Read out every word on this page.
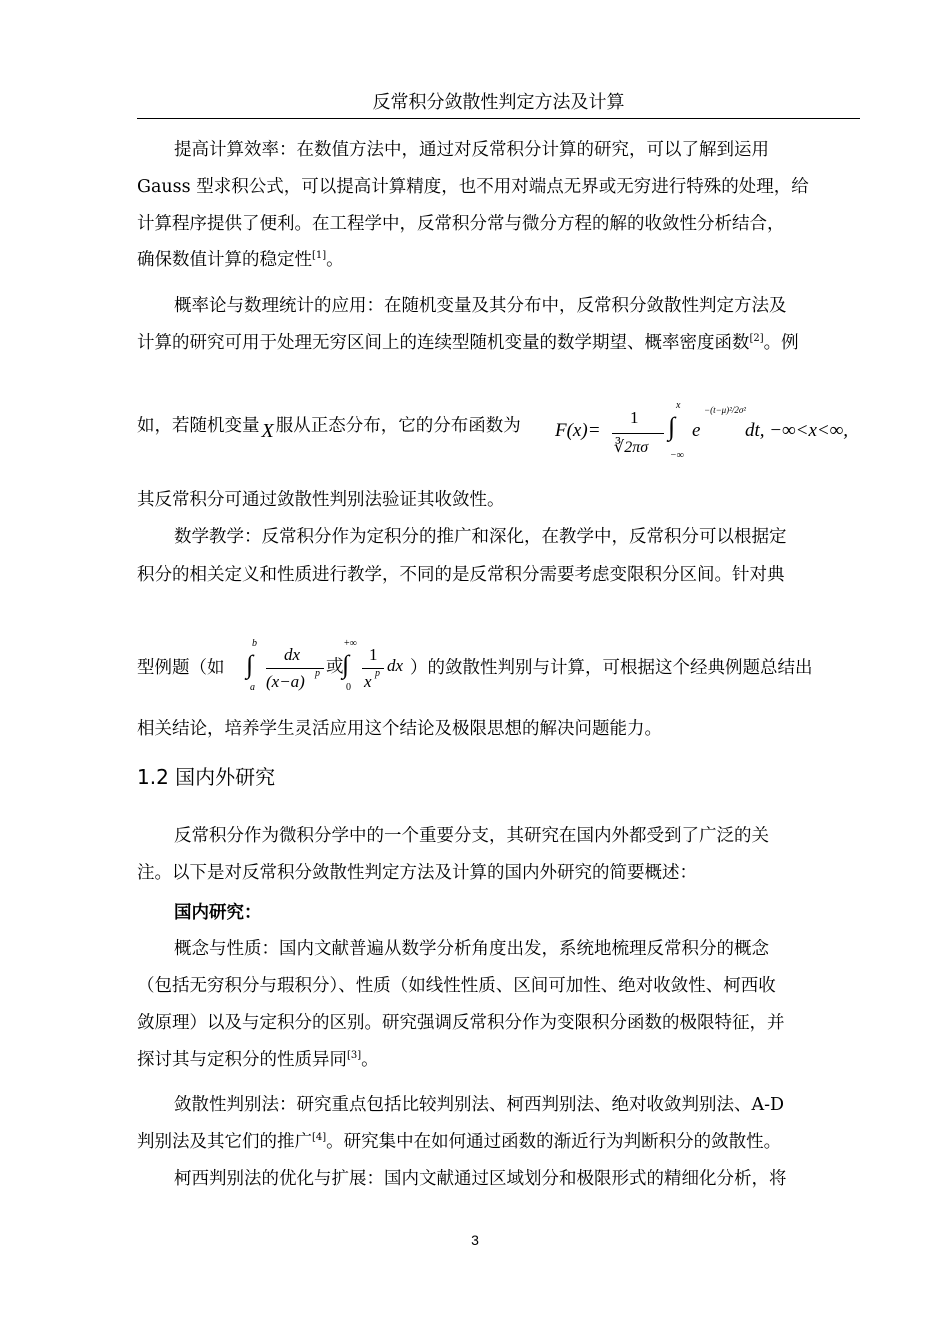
反常积分敛散性判定方法及计算
提高计算效率：在数值方法中，通过对反常积分计算的研究，可以了解到运用
Gauss 型求积公式，可以提高计算精度，也不用对端点无界或无穷进行特殊的处理，给
计算程序提供了便利。在工程学中，反常积分常与微分方程的解的收敛性分析结合，
确保数值计算的稳定性[1]。
概率论与数理统计的应用：在随机变量及其分布中，反常积分敛散性判定方法及
计算的研究可用于处理无穷区间上的连续型随机变量的数学期望、概率密度函数[2]。例
如，若随机变量 X 服从正态分布，它的分布函数为	F(x)=
1
∛2πσ
x
∫
−∞
e
−(t−μ)²/2σ²
dt, −∞<x<∞,
其反常积分可通过敛散性判别法验证其收敛性。
数学教学：反常积分作为定积分的推广和深化，在教学中，反常积分可以根据定
积分的相关定义和性质进行教学，不同的是反常积分需要考虑变限积分区间。针对典
型例题（如
b
∫
a
dx
(x−a) p 或
+∞
∫
0
1
x p dx ）的敛散性判别与计算，可根据这个经典例题总结出
相关结论，培养学生灵活应用这个结论及极限思想的解决问题能力。
1.2 国内外研究
反常积分作为微积分学中的一个重要分支，其研究在国内外都受到了广泛的关
注。以下是对反常积分敛散性判定方法及计算的国内外研究的简要概述：
国内研究：
概念与性质：国内文献普遍从数学分析角度出发，系统地梳理反常积分的概念
（包括无穷积分与瑕积分）、性质（如线性性质、区间可加性、绝对收敛性、柯西收
敛原理）以及与定积分的区别。研究强调反常积分作为变限积分函数的极限特征，并
探讨其与定积分的性质异同[3]。
敛散性判别法：研究重点包括比较判别法、柯西判别法、绝对收敛判别法、A-D
判别法及其它们的推广[4]。研究集中在如何通过函数的渐近行为判断积分的敛散性。
柯西判别法的优化与扩展：国内文献通过区域划分和极限形式的精细化分析，将
3
